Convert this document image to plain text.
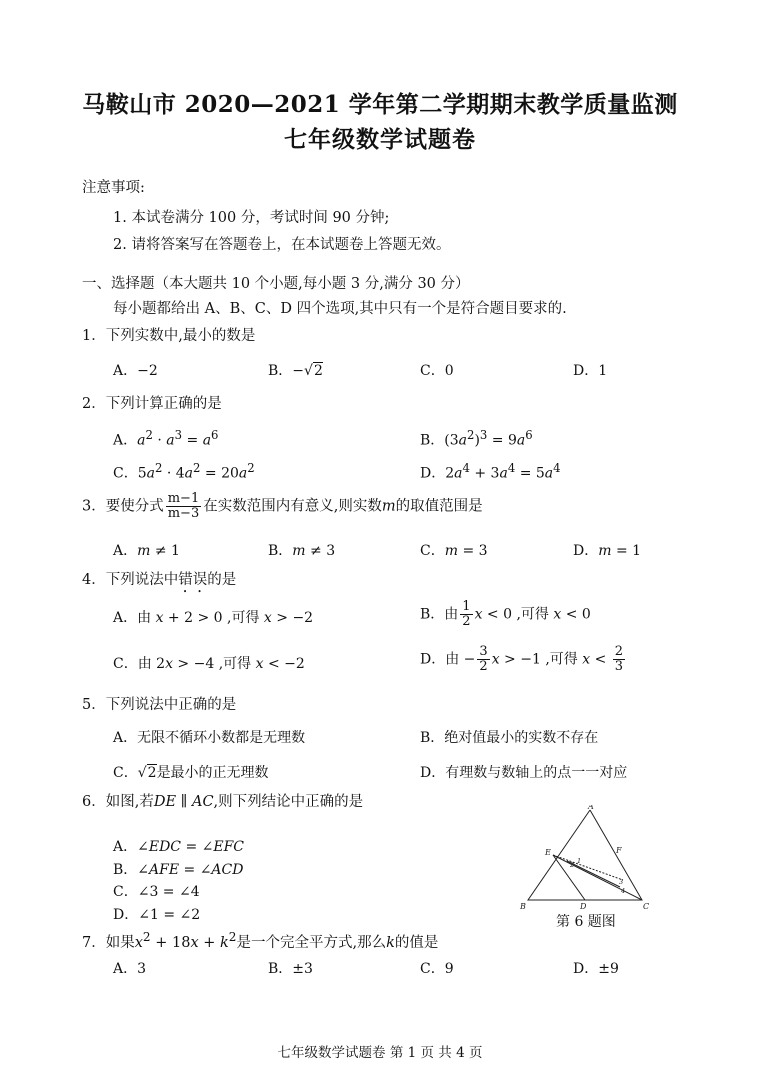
马鞍山市 2020—2021 学年第二学期期末教学质量监测
七年级数学试题卷
注意事项:
1. 本试卷满分 100 分，考试时间 90 分钟;
2. 请将答案写在答题卷上，在本试题卷上答题无效。
一、选择题（本大题共 10 个小题,每小题 3 分,满分 30 分）
每小题都给出 A、B、C、D 四个选项,其中只有一个是符合题目要求的.
1．下列实数中,最小的数是
A．−2	B．−√2	C．0	D．1
2．下列计算正确的是
A．$a^2 \cdot a^3 = a^6$	B．$(3a^2)^3 = 9a^6$
C．$5a^2 \cdot 4a^2 = 20a^2$	D．$2a^4 + 3a^4 = 5a^4$
3．要使分式 $\frac{m-1}{m-3}$ 在实数范围内有意义,则实数m的取值范围是
A．m ≠ 1	B．m ≠ 3	C．m = 3	D．m = 1
4．下列说法中错误的是
A．由 x + 2 > 0 ,可得 x > −2	B．由 $\frac{1}{2}$ x < 0 ,可得 x < 0
C．由 2x > −4 ,可得 x < −2	D．由 − $\frac{3}{2}$ x > −1 ,可得 $x < \frac{2}{3}$
5．下列说法中正确的是
A．无限不循环小数都是无理数	B．绝对值最小的实数不存在
C．√2是最小的正无理数	D．有理数与数轴上的点一一对应
6．如图,若DE ∥ AC,则下列结论中正确的是
A．∠EDC = ∠EFC
B．∠AFE = ∠ACD
C．∠3 = ∠4
D．∠1 = ∠2
A
B	C
D
E	F
1
2
3
4
第 6 题图
7．如果$x^2 + 18x + k^2$是一个完全平方式,那么k的值是
A．3	B．±3	C．9	D．±9
七年级数学试题卷 第 1 页 共 4 页
